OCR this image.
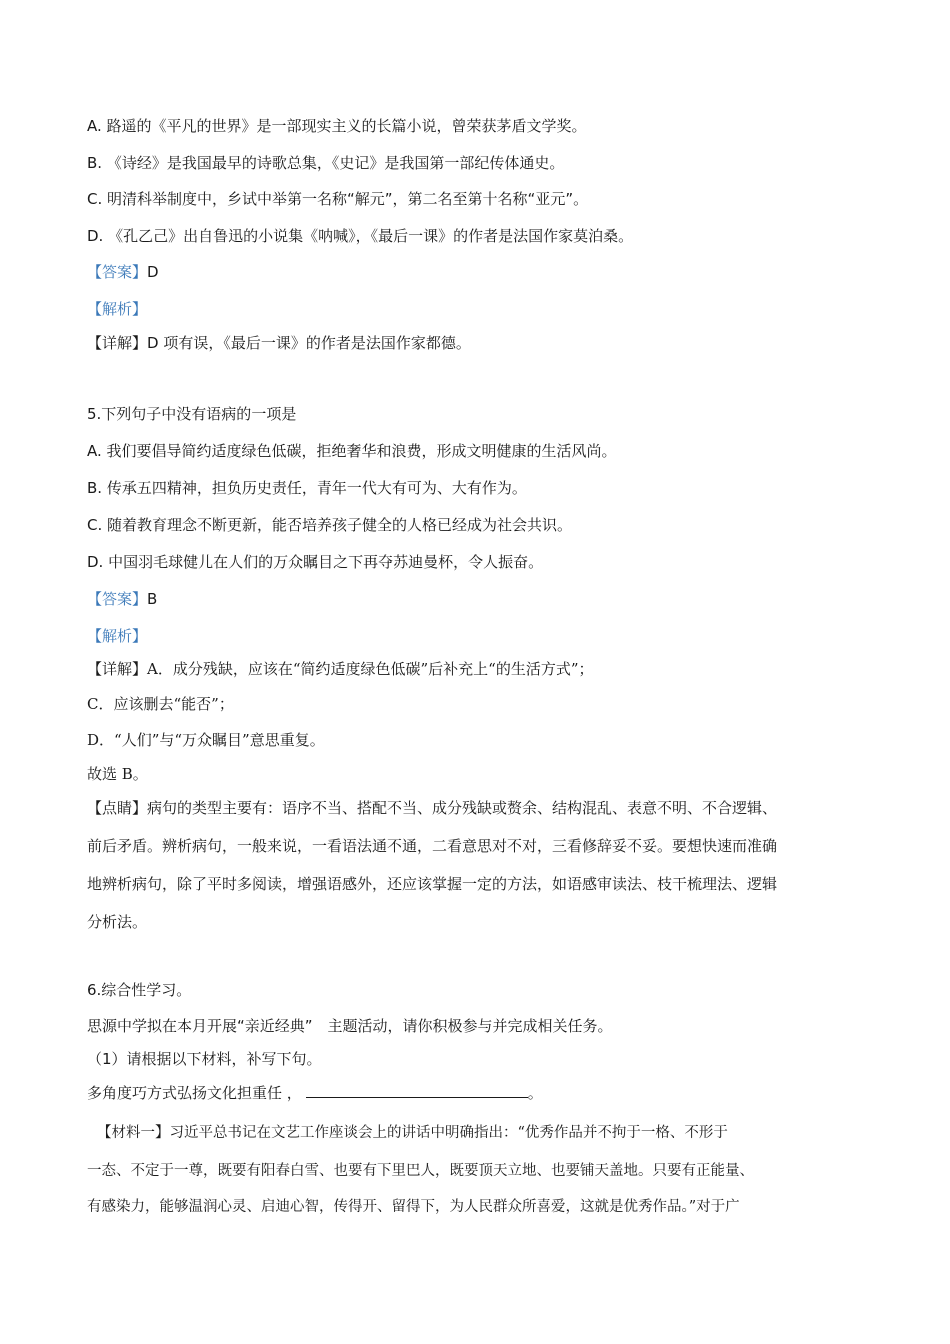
A. 路遥的《平凡的世界》是一部现实主义的长篇小说，曾荣获茅盾文学奖。
B. 《诗经》是我国最早的诗歌总集，《史记》是我国第一部纪传体通史。
C. 明清科举制度中，乡试中举第一名称“解元”，第二名至第十名称“亚元”。
D. 《孔乙己》出自鲁迅的小说集《呐喊》，《最后一课》的作者是法国作家莫泊桑。
【答案】D
【解析】
【详解】D 项有误，《最后一课》的作者是法国作家都德。
5.下列句子中没有语病的一项是
A. 我们要倡导简约适度绿色低碳，拒绝奢华和浪费，形成文明健康的生活风尚。
B. 传承五四精神，担负历史责任，青年一代大有可为、大有作为。
C. 随着教育理念不断更新，能否培养孩子健全的人格已经成为社会共识。
D. 中国羽毛球健儿在人们的万众瞩目之下再夺苏迪曼杯，令人振奋。
【答案】B
【解析】
【详解】A．成分残缺，应该在“简约适度绿色低碳”后补充上“的生活方式”；
C．应该删去“能否”；
D．“人们”与“万众瞩目”意思重复。
故选 B。
【点睛】病句的类型主要有：语序不当、搭配不当、成分残缺或赘余、结构混乱、表意不明、不合逻辑、
前后矛盾。辨析病句，一般来说，一看语法通不通，二看意思对不对，三看修辞妥不妥。要想快速而准确
地辨析病句，除了平时多阅读，增强语感外，还应该掌握一定的方法，如语感审读法、枝干梳理法、逻辑
分析法。
6.综合性学习。
思源中学拟在本月开展“亲近经典”　主题活动，请你积极参与并完成相关任务。
（1）请根据以下材料，补写下句。
多角度巧方式弘扬文化担重任 ，	。
【材料一】习近平总书记在文艺工作座谈会上的讲话中明确指出：“优秀作品并不拘于一格、不形于
一态、不定于一尊，既要有阳春白雪、也要有下里巴人，既要顶天立地、也要铺天盖地。只要有正能量、
有感染力，能够温润心灵、启迪心智，传得开、留得下，为人民群众所喜爱，这就是优秀作品。”对于广
